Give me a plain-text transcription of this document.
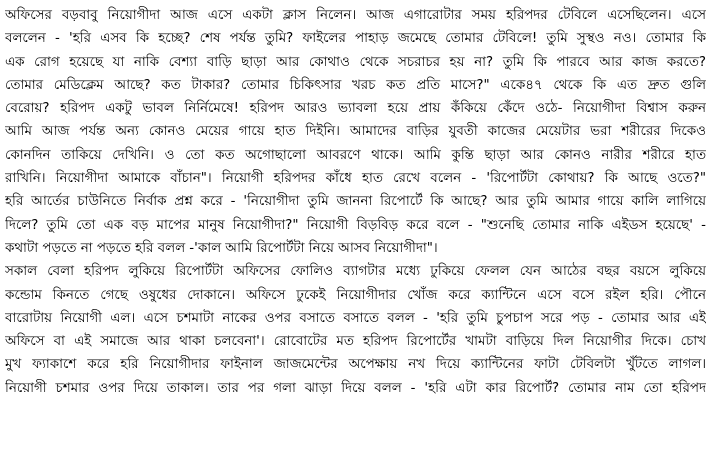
অফিসের বড়বাবু নিয়োগীদা আজ এসে একটা ক্লাস নিলেন। আজ এগারোটার সময় হরিপদর টেবিলে এসেছিলেন। এসে
বললেন - 'হরি এসব কি হচ্ছে? শেষ পর্যন্ত তুমি? ফাইলের পাহাড় জমেছে তোমার টেবিলে! তুমি সুস্থও নও। তোমার কি
এক রোগ হয়েছে যা নাকি বেশ্যা বাড়ি ছাড়া আর কোথাও থেকে সচরাচর হয় না? তুমি কি পারবে আর কাজ করতে?
তোমার মেডিক্লেম আছে? কত টাকার? তোমার চিকিৎসার খরচ কত প্রতি মাসে?" একে৪৭ থেকে কি এত দ্রুত গুলি
বেরোয়? হরিপদ একটু ভাবল নির্নিমেষে! হরিপদ আরও ভ্যাবলা হয়ে প্রায় কঁকিয়ে কেঁদে ওঠে- নিয়োগীদা বিশ্বাস করুন
আমি আজ পর্যন্ত অন্য কোনও মেয়ের গায়ে হাত দিইনি। আমাদের বাড়ির যুবতী কাজের মেয়েটার ভরা শরীরের দিকেও
কোনদিন তাকিয়ে দেখিনি। ও তো কত অগোছালো আবরণে থাকে। আমি কুন্তি ছাড়া আর কোনও নারীর শরীরে হাত
রাখিনি। নিয়োগীদা আমাকে বাঁচান"। নিয়োগী হরিপদর কাঁধে হাত রেখে বলেন - 'রিপোর্টটা কোথায়? কি আছে ওতে?"
হরি আর্তের চাউনিতে নির্বাক প্রশ্ন করে - 'নিয়োগীদা তুমি জাননা রিপোর্টে কি আছে? আর তুমি আমার গায়ে কালি লাগিয়ে
দিলে? তুমি তো এক বড় মাপের মানুষ নিয়োগীদা?" নিয়োগী বিড়বিড় করে বলে - "শুনেছি তোমার নাকি এইডস হয়েছে' -
কথাটা পড়তে না পড়তে হরি বলল -'কাল আমি রিপোর্টটা নিয়ে আসব নিয়োগীদা"।
সকাল বেলা হরিপদ লুকিয়ে রিপোর্টটা অফিসের ফোলিও ব্যাগটার মধ্যে ঢুকিয়ে ফেলল যেন আঠের বছর বয়সে লুকিয়ে
কন্ডোম কিনতে গেছে ওষুধের দোকানে। অফিসে ঢুকেই নিয়োগীদার খোঁজ করে ক্যান্টিনে এসে বসে রইল হরি। পৌনে
বারোটায় নিয়োগী এল। এসে চশমাটা নাকের ওপর বসাতে বসাতে বলল - 'হরি তুমি চুপচাপ সরে পড় - তোমার আর এই
অফিসে বা এই সমাজে আর থাকা চলবেনা'। রোবোটের মত হরিপদ রিপোর্টের খামটা বাড়িয়ে দিল নিয়োগীর দিকে। চোখ
মুখ ফ্যাকাশে করে হরি নিয়োগীদার ফাইনাল জাজমেন্টের অপেক্ষায় নখ দিয়ে ক্যান্টিনের ফাটা টেবিলটা খুঁটতে লাগল।
নিয়োগী চশমার ওপর দিয়ে তাকাল। তার পর গলা ঝাড়া দিয়ে বলল - 'হরি এটা কার রিপোর্ট? তোমার নাম তো হরিপদ
